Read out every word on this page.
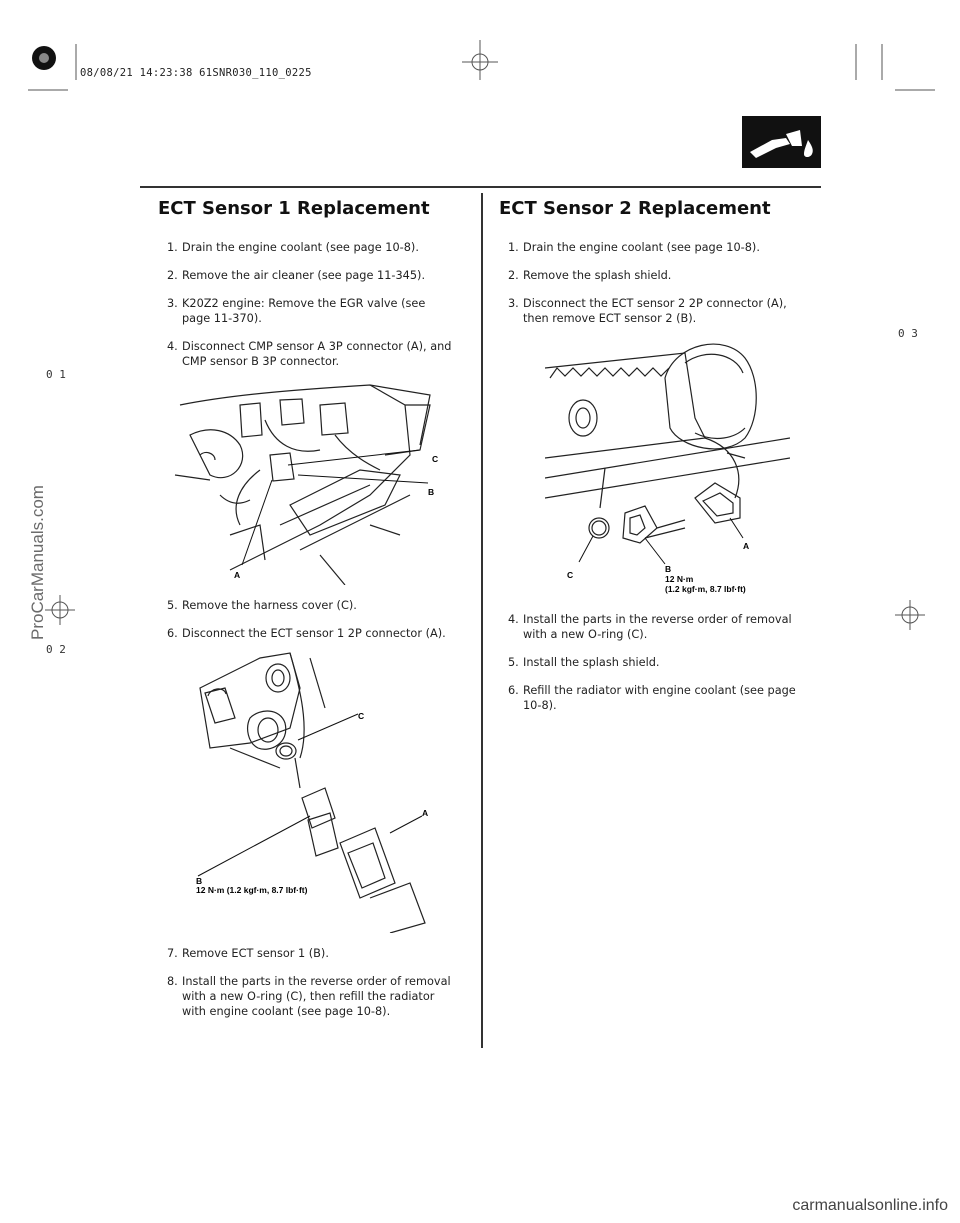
08/08/21 14:23:38 61SNR030_110_0225
ECT Sensor 1 Replacement	ECT Sensor 2 Replacement
1. Drain the engine coolant (see page 10-8).
2. Remove the air cleaner (see page 11-345).
3. K20Z2 engine: Remove the EGR valve (see page 11-370).
4. Disconnect CMP sensor A 3P connector (A), and CMP sensor B 3P connector.
C
B
A
5. Remove the harness cover (C).
6. Disconnect the ECT sensor 1 2P connector (A).
C
A
B
12 N·m (1.2 kgf·m, 8.7 lbf·ft)
7. Remove ECT sensor 1 (B).
8. Install the parts in the reverse order of removal with a new O-ring (C), then refill the radiator with engine coolant (see page 10-8).
1. Drain the engine coolant (see page 10-8).
2. Remove the splash shield.
3. Disconnect the ECT sensor 2 2P connector (A), then remove ECT sensor 2 (B).
A
C
B
12 N·m
(1.2 kgf·m, 8.7 lbf·ft)
4. Install the parts in the reverse order of removal with a new O-ring (C).
5. Install the splash shield.
6. Refill the radiator with engine coolant (see page 10-8).
0 1
0 2
0 3
ProCarManuals.com
carmanualsonline.info
